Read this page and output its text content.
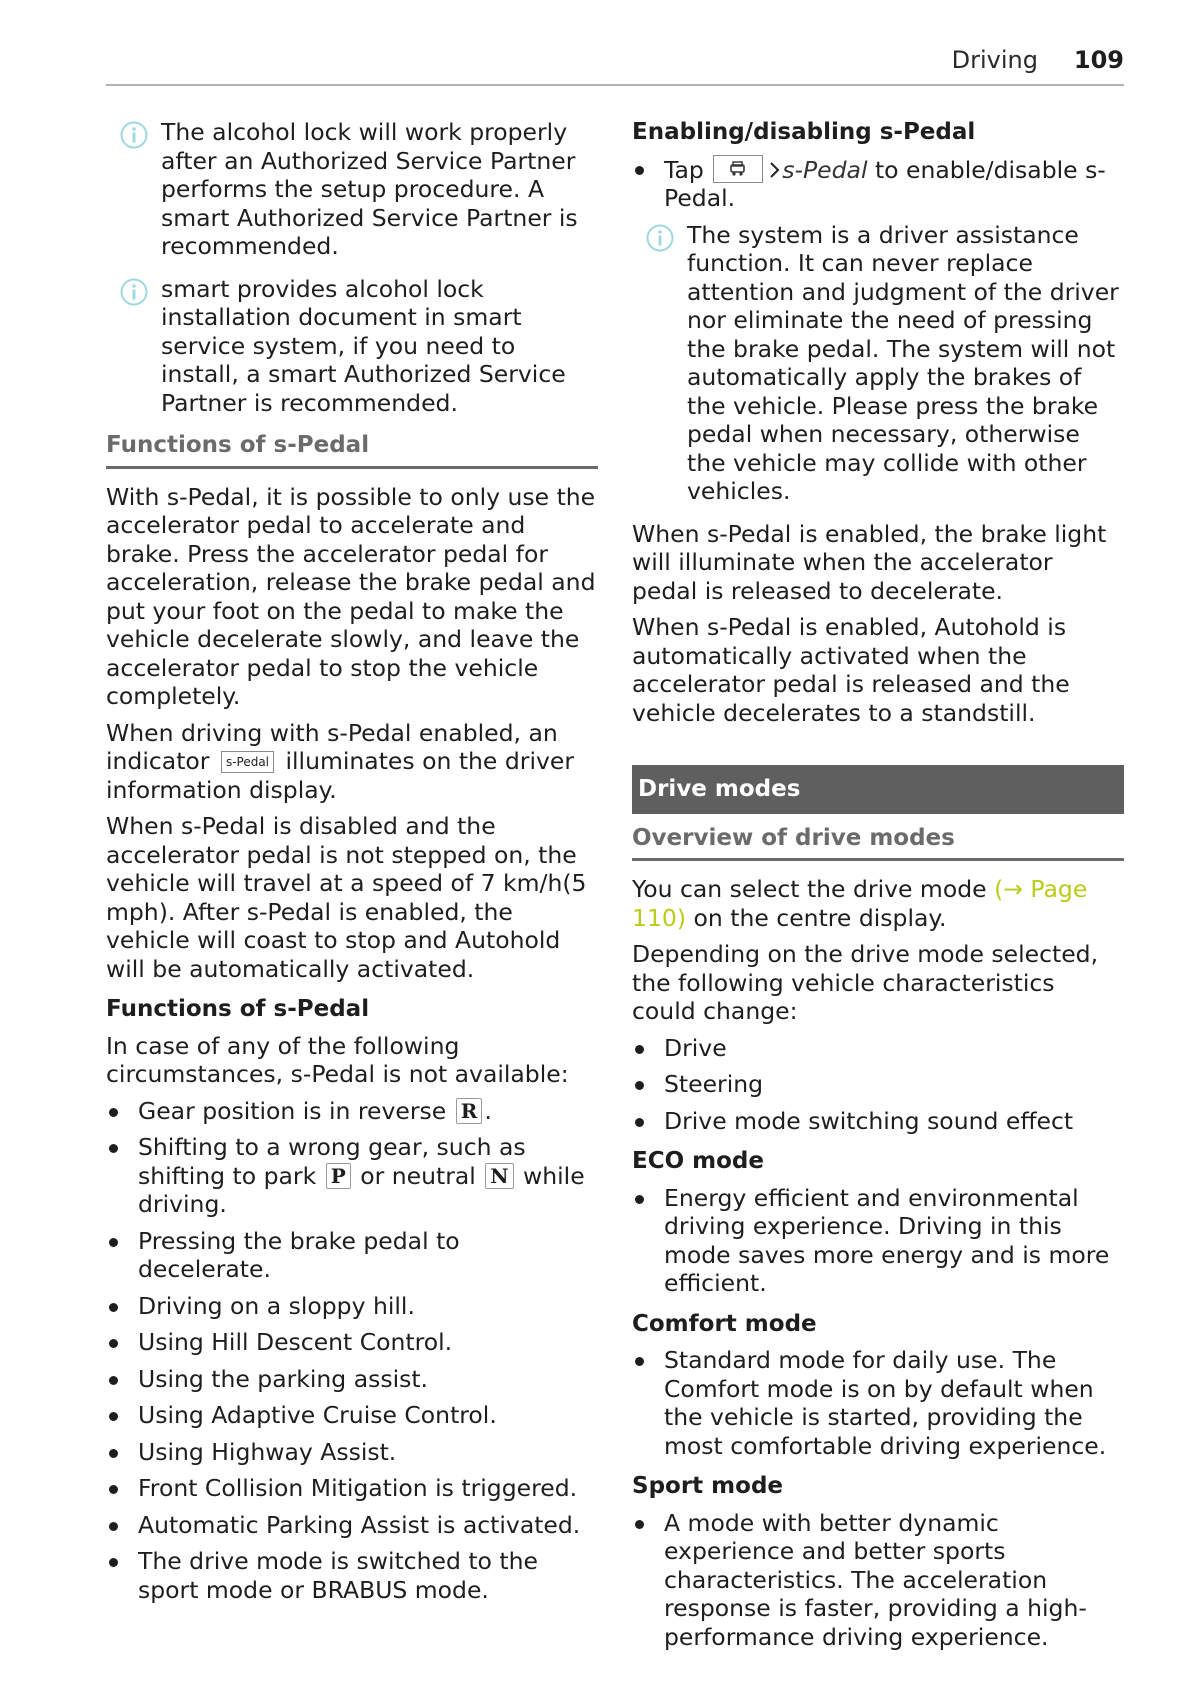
Driving 109
The alcohol lock will work properly after an Authorized Service Partner performs the setup procedure. A smart Authorized Service Partner is recommended.
smart provides alcohol lock installation document in smart service system, if you need to install, a smart Authorized Service Partner is recommended.
Functions of s-Pedal

With s-Pedal, it is possible to only use the accelerator pedal to accelerate and brake. Press the accelerator pedal for acceleration, release the brake pedal and put your foot on the pedal to make the vehicle decelerate slowly, and leave the accelerator pedal to stop the vehicle completely.

When driving with s-Pedal enabled, an indicator s-Pedal illuminates on the driver information display.

When s-Pedal is disabled and the accelerator pedal is not stepped on, the vehicle will travel at a speed of 7 km/h(5 mph). After s-Pedal is enabled, the vehicle will coast to stop and Autohold will be automatically activated.

Functions of s-Pedal

In case of any of the following circumstances, s-Pedal is not available:

Gear position is in reverse R .
Shifting to a wrong gear, such as shifting to park P or neutral N while driving.
Pressing the brake pedal to decelerate.
Driving on a sloppy hill.
Using Hill Descent Control.
Using the parking assist.
Using Adaptive Cruise Control.
Using Highway Assist.
Front Collision Mitigation is triggered.
Automatic Parking Assist is activated.
The drive mode is switched to the sport mode or BRABUS mode.
Enabling/disabling s-Pedal
Tap	s-Pedal to enable/disable s-Pedal.
The system is a driver assistance function. It can never replace attention and judgment of the driver nor eliminate the need of pressing the brake pedal. The system will not automatically apply the brakes of the vehicle. Please press the brake pedal when necessary, otherwise the vehicle may collide with other vehicles.

When s-Pedal is enabled, the brake light will illuminate when the accelerator pedal is released to decelerate.

When s-Pedal is enabled, Autohold is automatically activated when the accelerator pedal is released and the vehicle decelerates to a standstill.

Drive modes
Overview of drive modes

You can select the drive mode (→ Page 110) on the centre display.

Depending on the drive mode selected, the following vehicle characteristics could change:

Drive
Steering
Drive mode switching sound effect
ECO mode
Energy efficient and environmental driving experience. Driving in this mode saves more energy and is more efficient.
Comfort mode
Standard mode for daily use. The Comfort mode is on by default when the vehicle is started, providing the most comfortable driving experience.
Sport mode
A mode with better dynamic experience and better sports characteristics. The acceleration response is faster, providing a high-performance driving experience.
